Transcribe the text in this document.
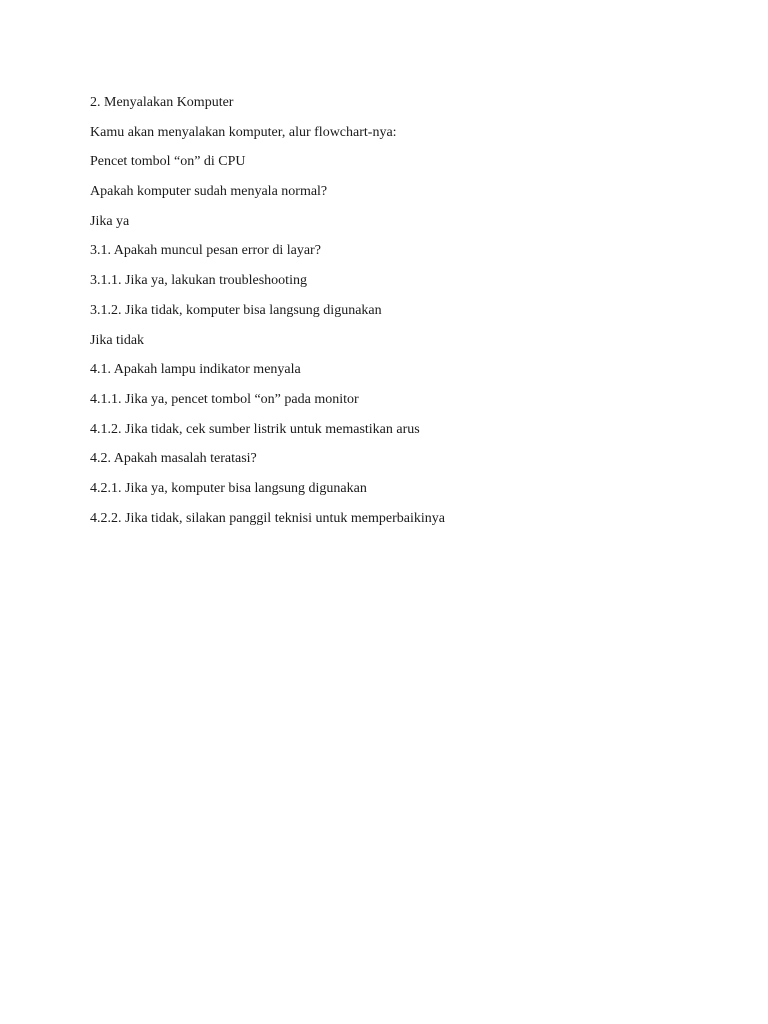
2. Menyalakan Komputer
Kamu akan menyalakan komputer, alur flowchart-nya:
Pencet tombol “on” di CPU
Apakah komputer sudah menyala normal?
Jika ya
3.1. Apakah muncul pesan error di layar?
3.1.1. Jika ya, lakukan troubleshooting
3.1.2. Jika tidak, komputer bisa langsung digunakan
Jika tidak
4.1. Apakah lampu indikator menyala
4.1.1. Jika ya, pencet tombol “on” pada monitor
4.1.2. Jika tidak, cek sumber listrik untuk memastikan arus
4.2. Apakah masalah teratasi?
4.2.1. Jika ya, komputer bisa langsung digunakan
4.2.2. Jika tidak, silakan panggil teknisi untuk memperbaikinya
